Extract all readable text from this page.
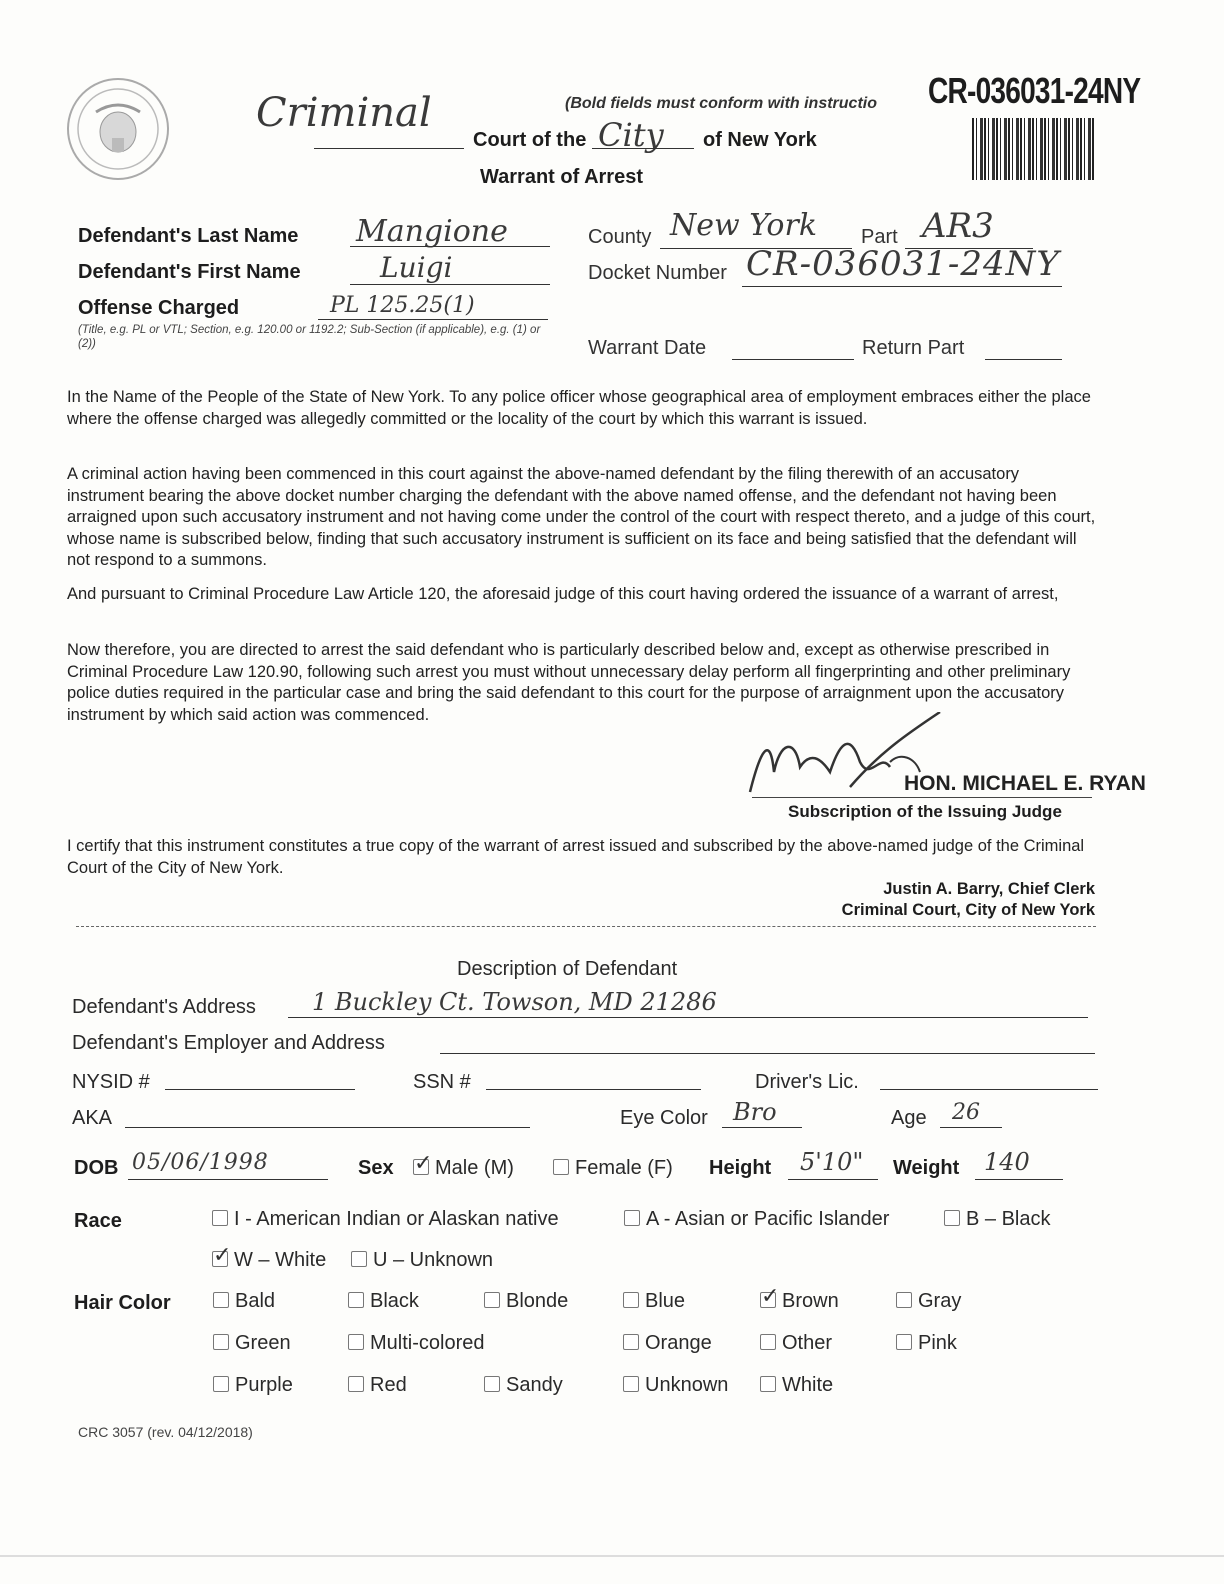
Criminal
Court of the City of New York
Warrant of Arrest
(Bold fields must conform with instructio CR-036031-24NY
Defendant's Last Name Mangione
Defendant's First Name	Luigi
Offense Charged	PL 125.25(1)
(Title, e.g. PL or VTL; Section, e.g. 120.00 or 1192.2; Sub-Section (if applicable), e.g. (1) or (2))
County New York Part AR3
Docket Number CR-036031-24NY
Warrant Date	Return Part

In the Name of the People of the State of New York. To any police officer whose geographical area of employment embraces either the place where the offense charged was allegedly committed or the locality of the court by which this warrant is issued.

A criminal action having been commenced in this court against the above-named defendant by the filing therewith of an accusatory instrument bearing the above docket number charging the defendant with the above named offense, and the defendant not having been arraigned upon such accusatory instrument and not having come under the control of the court with respect thereto, and a judge of this court, whose name is subscribed below, finding that such accusatory instrument is sufficient on its face and being satisfied that the defendant will not respond to a summons.

And pursuant to Criminal Procedure Law Article 120, the aforesaid judge of this court having ordered the issuance of a warrant of arrest,

Now therefore, you are directed to arrest the said defendant who is particularly described below and, except as otherwise prescribed in Criminal Procedure Law 120.90, following such arrest you must without unnecessary delay perform all fingerprinting and other preliminary police duties required in the particular case and bring the said defendant to this court for the purpose of arraignment upon the accusatory instrument by which said action was commenced.

HON. MICHAEL E. RYAN
Subscription of the Issuing Judge

I certify that this instrument constitutes a true copy of the warrant of arrest issued and subscribed by the above-named judge of the Criminal Court of the City of New York.

Justin A. Barry, Chief Clerk
Criminal Court, City of New York
Description of Defendant
Defendant's Address 1 Buckley Ct. Towson, MD 21286
Defendant's Employer and Address
NYSID #	SSN #	Driver's Lic.
AKA	Eye Color Bro	Age 26
DOB 05/06/1998	Sex ✓	Male (M)	Female (F) Height 5'10" Weight 140
Race	I - American Indian or Alaskan native	A - Asian or Pacific Islander	B – Black
✓W – White	U – Unknown
Hair Color	Bald	Black	Blonde	Blue ✓	Brown	Gray
Green	Multi-colored	Orange	Other	Pink
Purple	Red	Sandy	Unknown	White
CRC 3057 (rev. 04/12/2018)
